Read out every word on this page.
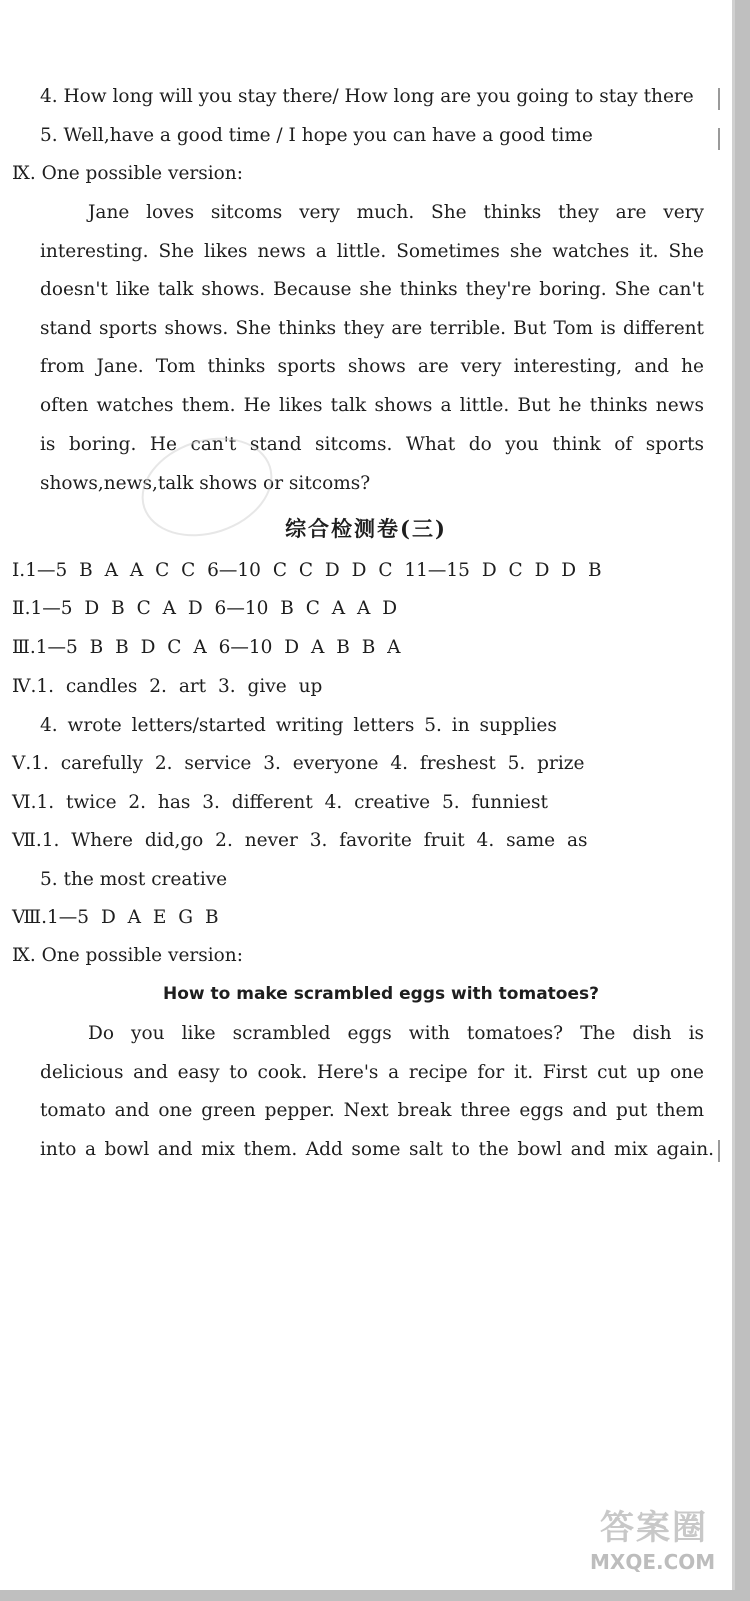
4. How long will you stay there/ How long are you going to stay there
5. Well,have a good time / I hope you can have a good time
Ⅸ. One possible version:
Jane loves sitcoms very much. She thinks they are very
interesting. She likes news a little. Sometimes she watches it. She
doesn't like talk shows. Because she thinks they're boring. She can't
stand sports shows. She thinks they are terrible. But Tom is different
from Jane. Tom thinks sports shows are very interesting, and he
often watches them. He likes talk shows a little. But he thinks news
is boring. He can't stand sitcoms. What do you think of sports
shows,news,talk shows or sitcoms?
综合检测卷(三)
Ⅰ.1—5 B A A C C 6—10 C C D D C 11—15 D C D D B
Ⅱ.1—5 D B C A D 6—10 B C A A D
Ⅲ.1—5 B B D C A 6—10 D A B B A
Ⅳ.1. candles 2. art 3. give up
4. wrote letters/started writing letters 5. in supplies
Ⅴ.1. carefully 2. service 3. everyone 4. freshest 5. prize
Ⅵ.1. twice 2. has 3. different 4. creative 5. funniest
Ⅶ.1. Where did,go 2. never 3. favorite fruit 4. same as
5. the most creative
Ⅷ.1—5 D A E G B
Ⅸ. One possible version:
How to make scrambled eggs with tomatoes?
Do you like scrambled eggs with tomatoes? The dish is
delicious and easy to cook. Here's a recipe for it. First cut up one
tomato and one green pepper. Next break three eggs and put them
into a bowl and mix them. Add some salt to the bowl and mix again.
答案圈
MXQE.COM
